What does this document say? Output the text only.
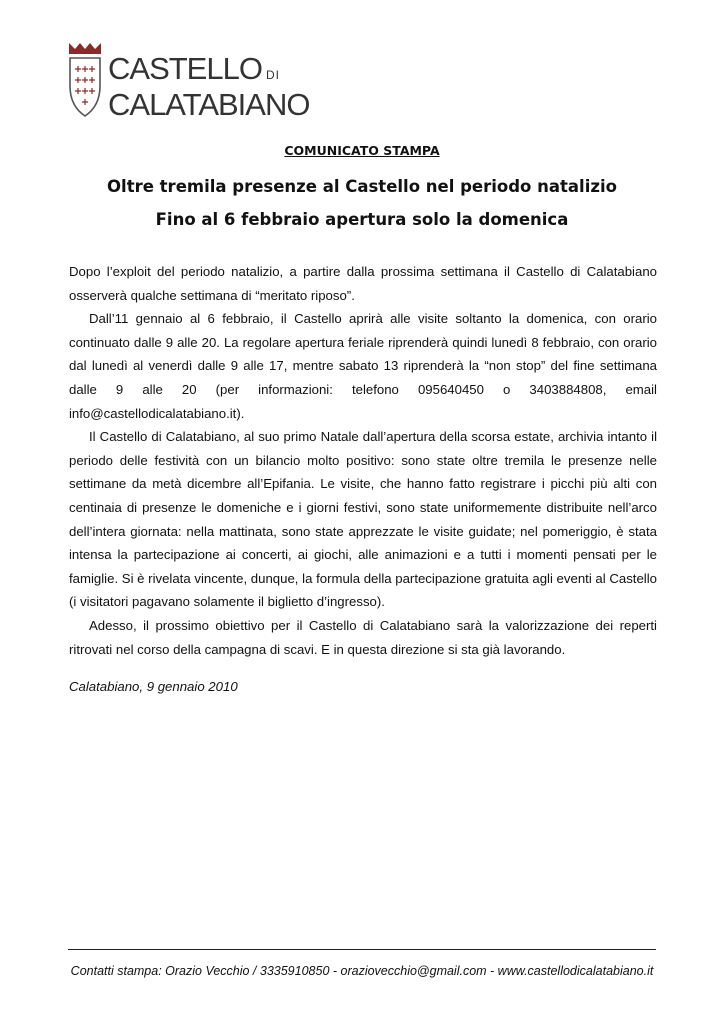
CASTELLO DI
CALATABIANO
COMUNICATO STAMPA
Oltre tremila presenze al Castello nel periodo natalizio
Fino al 6 febbraio apertura solo la domenica

Dopo l’exploit del periodo natalizio, a partire dalla prossima settimana il Castello di Calatabiano osserverà qualche settimana di “meritato riposo”.

Dall’11 gennaio al 6 febbraio, il Castello aprirà alle visite soltanto la domenica, con orario continuato dalle 9 alle 20. La regolare apertura feriale riprenderà quindi lunedì 8 febbraio, con orario dal lunedì al venerdì dalle 9 alle 17, mentre sabato 13 riprenderà la “non stop” del fine settimana dalle 9 alle 20 (per informazioni: telefono 095640450 o 3403884808, email info@castellodicalatabiano.it).

Il Castello di Calatabiano, al suo primo Natale dall’apertura della scorsa estate, archivia intanto il periodo delle festività con un bilancio molto positivo: sono state oltre tremila le presenze nelle settimane da metà dicembre all’Epifania. Le visite, che hanno fatto registrare i picchi più alti con centinaia di presenze le domeniche e i giorni festivi, sono state uniformemente distribuite nell’arco dell’intera giornata: nella mattinata, sono state apprezzate le visite guidate; nel pomeriggio, è stata intensa la partecipazione ai concerti, ai giochi, alle animazioni e a tutti i momenti pensati per le famiglie. Si è rivelata vincente, dunque, la formula della partecipazione gratuita agli eventi al Castello (i visitatori pagavano solamente il biglietto d’ingresso).

Adesso, il prossimo obiettivo per il Castello di Calatabiano sarà la valorizzazione dei reperti ritrovati nel corso della campagna di scavi. E in questa direzione si sta già lavorando.

Calatabiano, 9 gennaio 2010
Contatti stampa: Orazio Vecchio / 3335910850 - oraziovecchio@gmail.com - www.castellodicalatabiano.it
